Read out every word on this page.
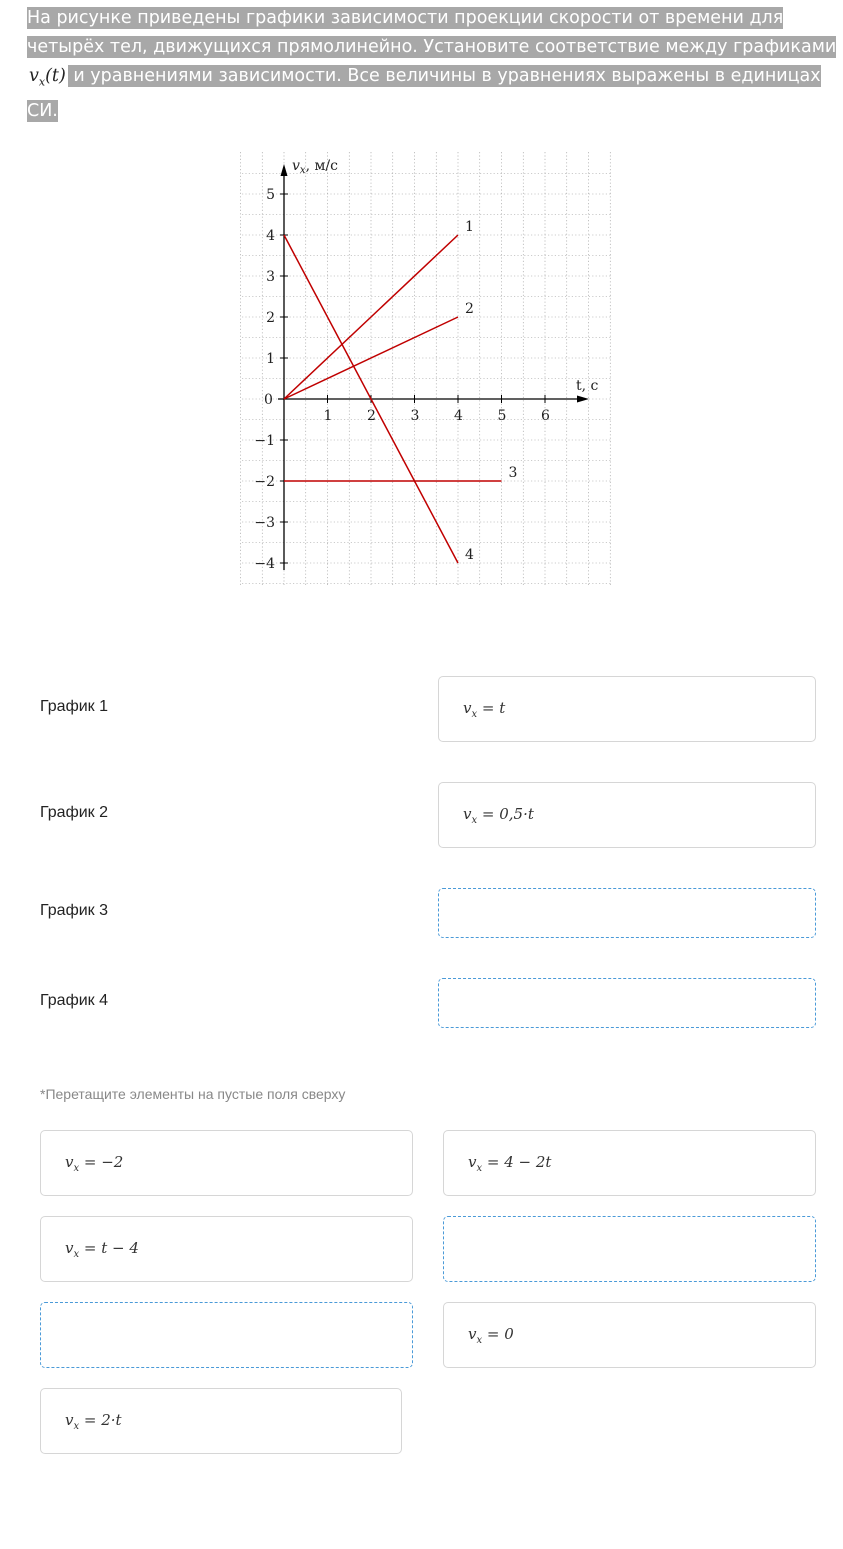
На рисунке приведены графики зависимости проекции скорости от времени для четырёх тел, движущихся прямолинейно. Установите соответствие между графиками $v_x(t)$ и уравнениями зависимости. Все величины в уравнениях выражены в единицах СИ.

1 2 3 4 5 6
5
4
3
2
1
−1
−2
−3
−4
1
2
3
4
0
$v_x$, м/с
t, с
График 1	$v_x = t$
График 2	$v_x = 0,5\cdot t$
График 3
График 4
*Перетащите элементы на пустые поля сверху
$v_x = -2$	$v_x = 4 - 2t$
$v_x = t - 4$
$v_x = 0$
$v_x = 2\cdot t$
